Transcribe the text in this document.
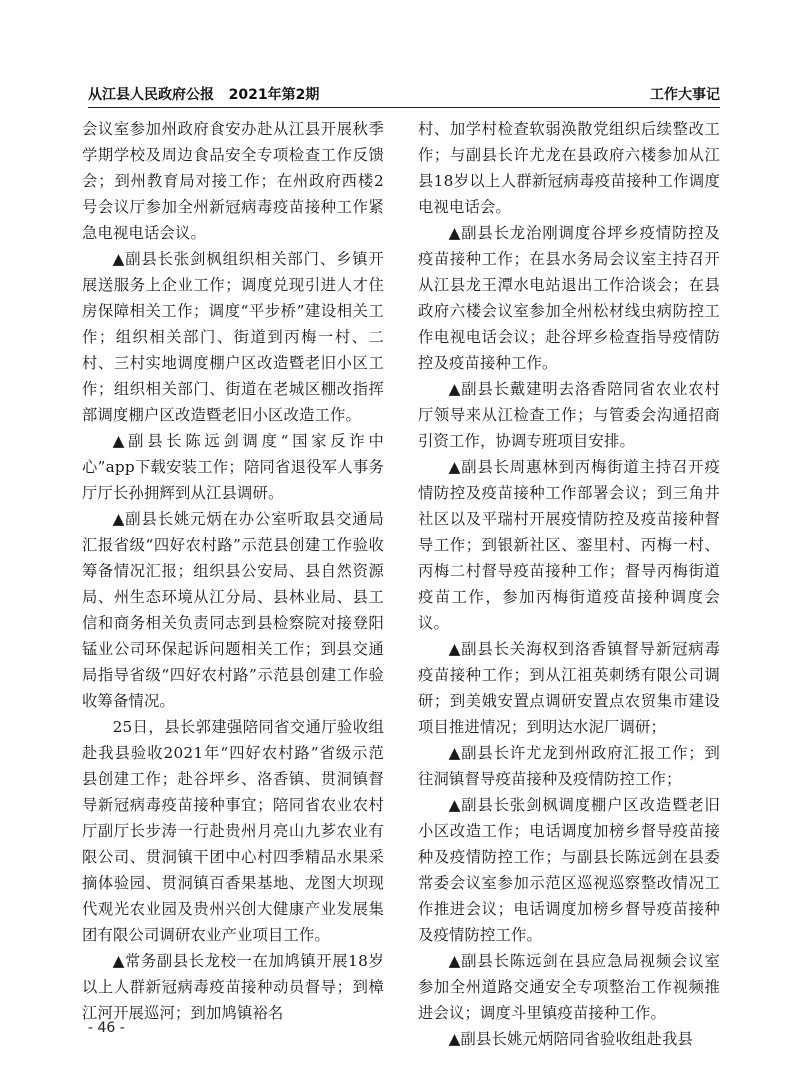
从江县人民政府公报 2021年第2期	工作大事记

会议室参加州政府食安办赴从江县开展秋季学期学校及周边食品安全专项检查工作反馈会；到州教育局对接工作；在州政府西楼2号会议厅参加全州新冠病毒疫苗接种工作紧急电视电话会议。

▲副县长张剑枫组织相关部门、乡镇开展送服务上企业工作；调度兑现引进人才住房保障相关工作；调度“平步桥”建设相关工作；组织相关部门、街道到丙梅一村、二村、三村实地调度棚户区改造暨老旧小区工作；组织相关部门、街道在老城区棚改指挥部调度棚户区改造暨老旧小区改造工作。

▲副县长陈远剑调度“国家反诈中心”app下载安装工作；陪同省退役军人事务厅厅长孙拥辉到从江县调研。

▲副县长姚元炳在办公室听取县交通局汇报省级“四好农村路”示范县创建工作验收筹备情况汇报；组织县公安局、县自然资源局、州生态环境从江分局、县林业局、县工信和商务相关负责同志到县检察院对接登阳锰业公司环保起诉问题相关工作；到县交通局指导省级“四好农村路”示范县创建工作验收筹备情况。

25日，县长郭建强陪同省交通厅验收组赴我县验收2021年“四好农村路”省级示范县创建工作；赴谷坪乡、洛香镇、贯洞镇督导新冠病毒疫苗接种事宜；陪同省农业农村厅副厅长步涛一行赴贵州月亮山九芗农业有限公司、贯洞镇干团中心村四季精品水果采摘体验园、贯洞镇百香果基地、龙图大坝现代观光农业园及贵州兴创大健康产业发展集团有限公司调研农业产业项目工作。

▲常务副县长龙校一在加鸠镇开展18岁以上人群新冠病毒疫苗接种动员督导；到樟江河开展巡河；到加鸠镇裕名

村、加学村检查软弱涣散党组织后续整改工作；与副县长许尤龙在县政府六楼参加从江县18岁以上人群新冠病毒疫苗接种工作调度电视电话会。

▲副县长龙治刚调度谷坪乡疫情防控及疫苗接种工作；在县水务局会议室主持召开从江县龙王潭水电站退出工作洽谈会；在县政府六楼会议室参加全州松材线虫病防控工作电视电话会议；赴谷坪乡检查指导疫情防控及疫苗接种工作。

▲副县长戴建明去洛香陪同省农业农村厅领导来从江检查工作；与管委会沟通招商引资工作，协调专班项目安排。

▲副县长周惠林到丙梅街道主持召开疫情防控及疫苗接种工作部署会议；到三角井社区以及平瑞村开展疫情防控及疫苗接种督导工作；到银新社区、銮里村、丙梅一村、丙梅二村督导疫苗接种工作；督导丙梅街道疫苗工作，参加丙梅街道疫苗接种调度会议。

▲副县长关海权到洛香镇督导新冠病毒疫苗接种工作；到从江祖英刺绣有限公司调研；到美娥安置点调研安置点农贸集市建设项目推进情况；到明达水泥厂调研；

▲副县长许尤龙到州政府汇报工作；到往洞镇督导疫苗接种及疫情防控工作；

▲副县长张剑枫调度棚户区改造暨老旧小区改造工作；电话调度加榜乡督导疫苗接种及疫情防控工作；与副县长陈远剑在县委常委会议室参加示范区巡视巡察整改情况工作推进会议；电话调度加榜乡督导疫苗接种及疫情防控工作。

▲副县长陈远剑在县应急局视频会议室参加全州道路交通安全专项整治工作视频推进会议；调度斗里镇疫苗接种工作。

▲副县长姚元炳陪同省验收组赴我县

- 46 -
